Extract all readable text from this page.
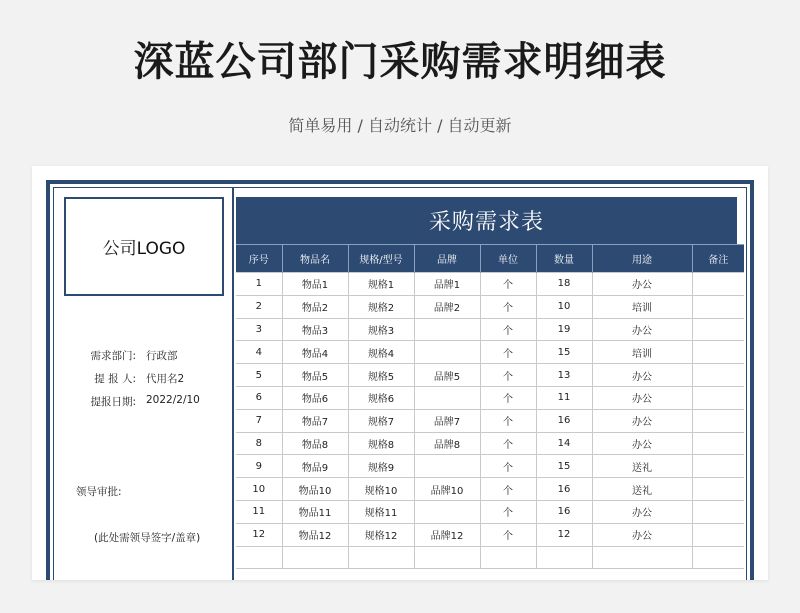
深蓝公司部门采购需求明细表
简单易用 / 自动统计 / 自动更新
公司LOGO
需求部门: 行政部
提 报 人: 代用名2
提报日期: 2022/2/10
领导审批:
(此处需领导签字/盖章)
采购需求表
序号	物品名	规格/型号	品牌	单位	数量	用途	备注
1	物品1	规格1	品牌1	个	18	办公	
2	物品2	规格2	品牌2	个	10	培训	
3	物品3	规格3		个	19	办公	
4	物品4	规格4		个	15	培训	
5	物品5	规格5	品牌5	个	13	办公	
6	物品6	规格6		个	11	办公	
7	物品7	规格7	品牌7	个	16	办公	
8	物品8	规格8	品牌8	个	14	办公	
9	物品9	规格9		个	15	送礼	
10	物品10	规格10	品牌10	个	16	送礼	
11	物品11	规格11		个	16	办公	
12	物品12	规格12	品牌12	个	12	办公	
